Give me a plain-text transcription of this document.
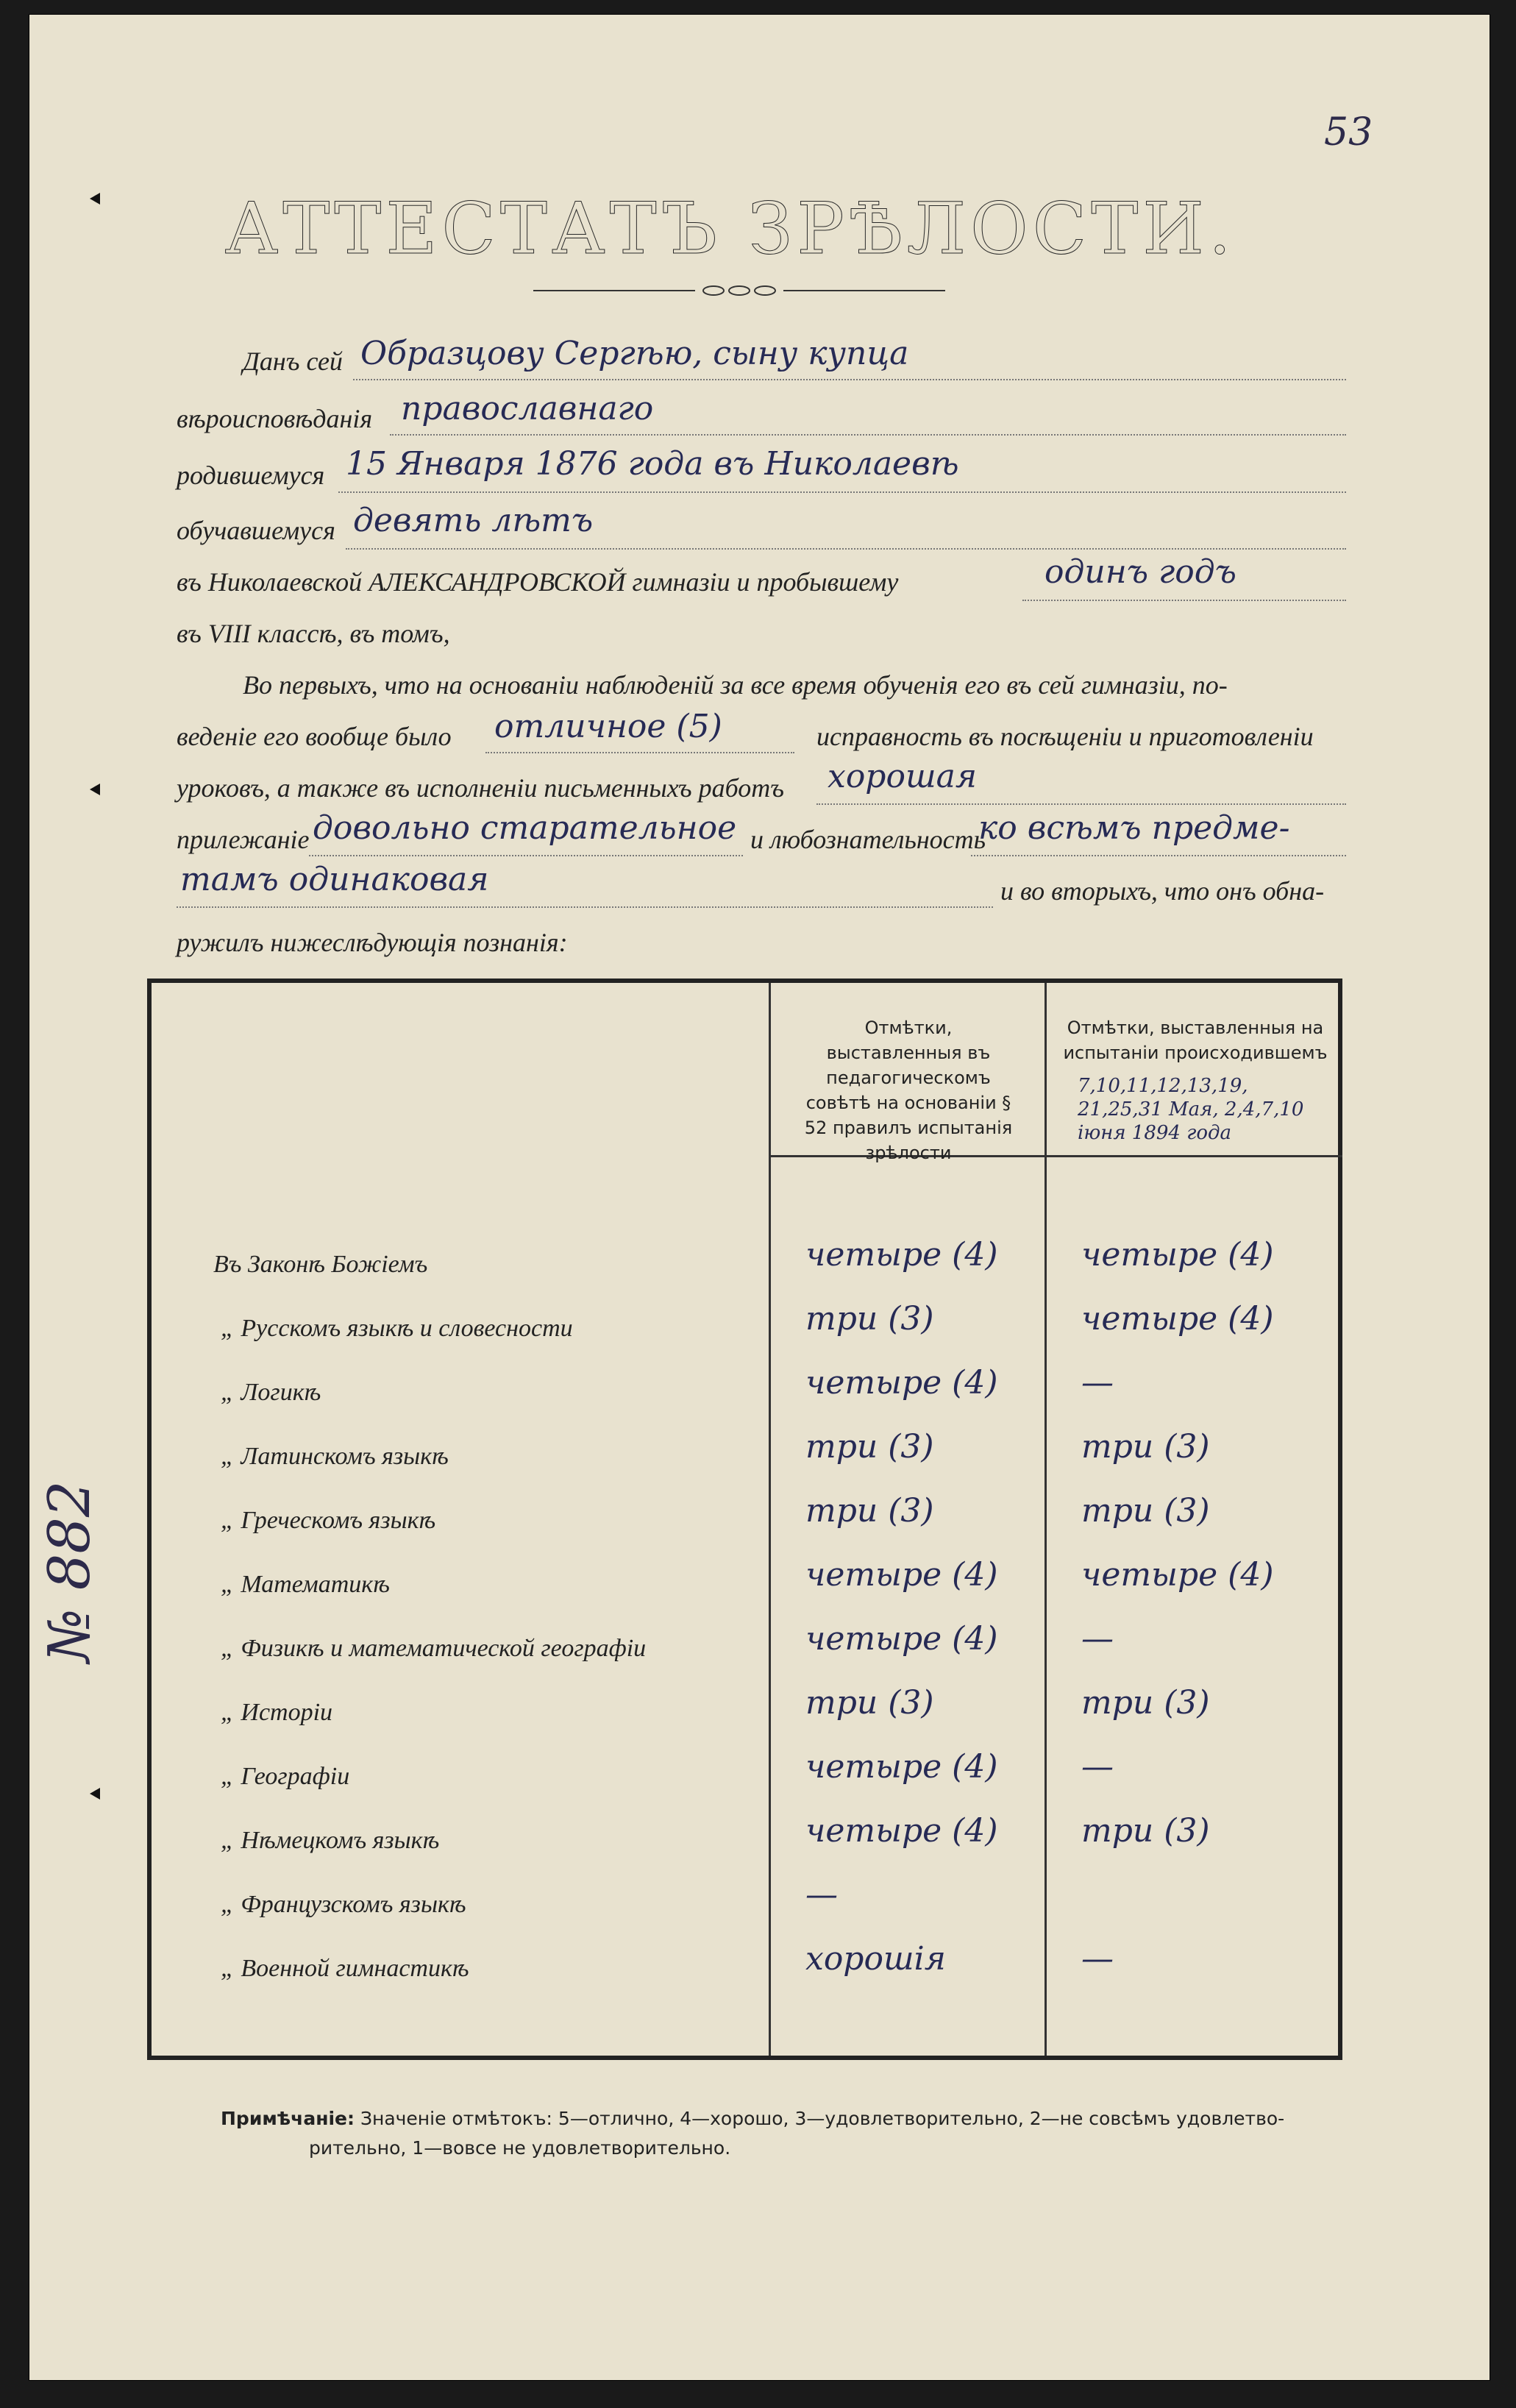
53
АТТЕСТАТЪ ЗРѢЛОСТИ.
Данъ сей Образцову Сергѣю, сыну купца
вѣроисповѣданія православнаго
родившемуся 15 Января 1876 года въ Николаевѣ
обучавшемуся девять лѣтъ
въ Николаевской АЛЕКСАНДРОВСКОЙ гимназіи и пробывшему	одинъ годъ
въ VIII классѣ, въ томъ,
Во первыхъ, что на основаніи наблюденій за все время обученія его въ сей гимназіи, по-
веденіе его вообще было отличное (5)	исправность въ посѣщеніи и приготовленіи
уроковъ, а также въ исполненіи письменныхъ работъ хорошая
прилежаніе довольно старательное и любознательность
ко всѣмъ предме-
тамъ одинаковая	и во вторыхъ, что онъ обна-
ружилъ нижеслѣдующія познанія:
Отмѣтки, выставленныя въ педагогическомъ совѣтѣ на основаніи § 52 правилъ испытанія зрѣлости
Отмѣтки, выставленныя на испытаніи происходившемъ
7,10,11,12,13,19, 21,25,31 Мая, 2,4,7,10 іюня 1894 года
Въ Законѣ Божіемъ	четыре (4)	четыре (4)
„ Русскомъ языкѣ и словесности	три (3)	четыре (4)
„ Логикѣ	четыре (4)	—
„ Латинскомъ языкѣ	три (3)	три (3)
„ Греческомъ языкѣ	три (3)	три (3)
„ Математикѣ	четыре (4)	четыре (4)
„ Физикѣ и математической географіи	четыре (4)	—
„ Исторіи	три (3)	три (3)
„ Географіи	четыре (4)	—
„ Нѣмецкомъ языкѣ	четыре (4)	три (3)
„ Французскомъ языкѣ	—
„ Военной гимнастикѣ	хорошія	—
Примѣчаніе: Значеніе отмѣтокъ: 5—отлично, 4—хорошо, 3—удовлетворительно, 2—не совсѣмъ удовлетво-
рительно, 1—вовсе не удовлетворительно.
№ 882
